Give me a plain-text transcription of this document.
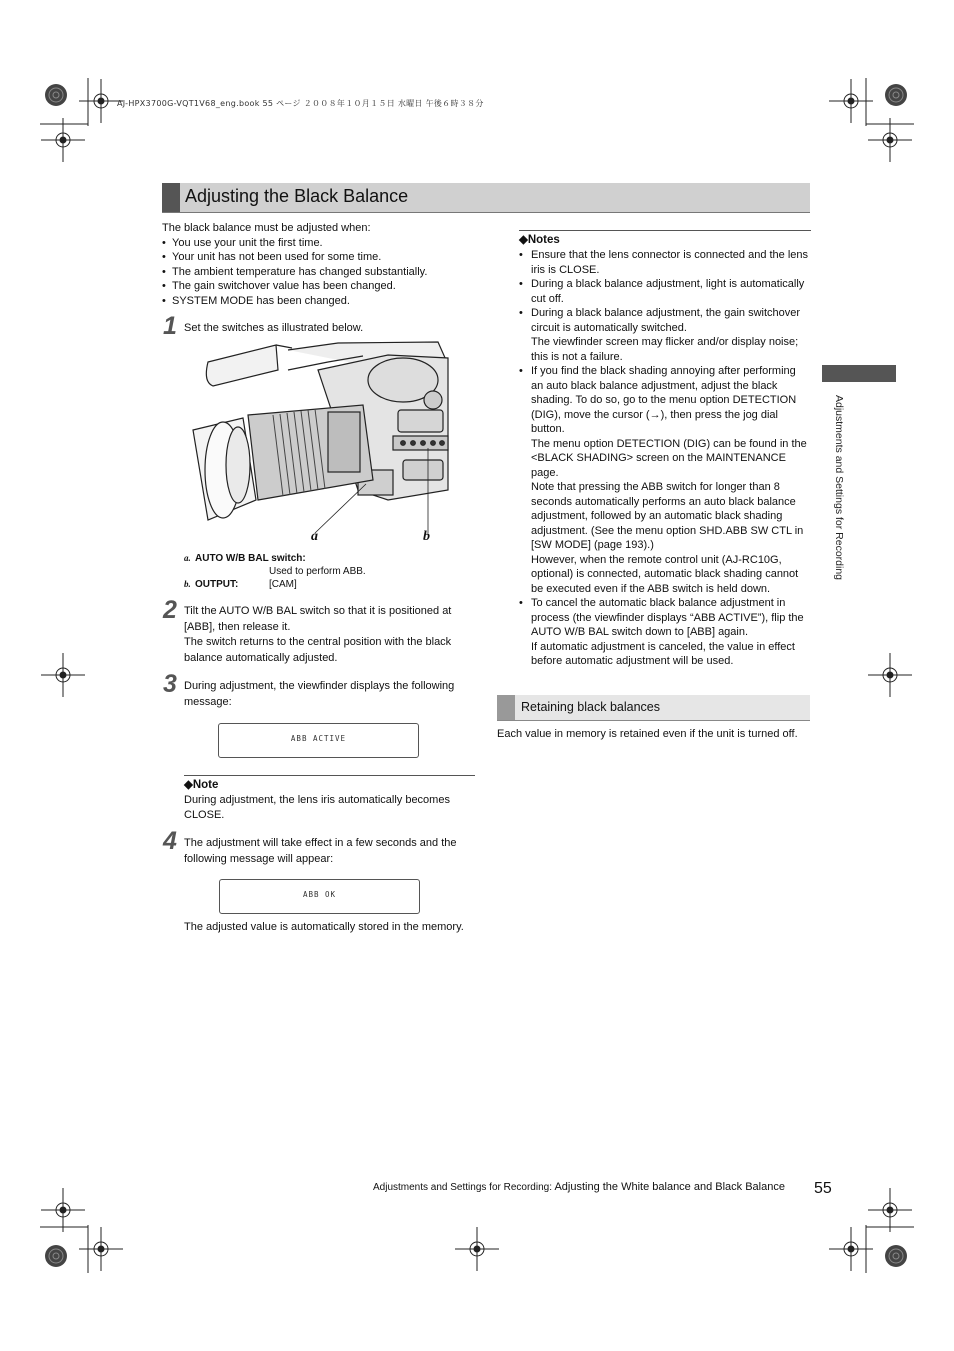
AJ-HPX3700G-VQT1V68_eng.book 55 ページ ２００８年１０月１５日 水曜日 午後６時３８分
Adjusting the Black Balance
The black balance must be adjusted when:
• You use your unit the first time.
• Your unit has not been used for some time.
• The ambient temperature has changed substantially.
• The gain switchover value has been changed.
• SYSTEM MODE has been changed.
1 Set the switches as illustrated below.
a	b
a. AUTO W/B BAL switch:
Used to perform ABB.
b. OUTPUT:	[CAM]
2 Tilt the AUTO W/B BAL switch so that it is positioned at [ABB], then release it.
The switch returns to the central position with the black balance automatically adjusted.
3 During adjustment, the viewfinder displays the following message:
ABB ACTIVE
◆Note
During adjustment, the lens iris automatically becomes CLOSE.
4 The adjustment will take effect in a few seconds and the following message will appear:
ABB OK
The adjusted value is automatically stored in the memory.
◆Notes
• Ensure that the lens connector is connected and the lens iris is CLOSE.
• During a black balance adjustment, light is automatically cut off.
• During a black balance adjustment, the gain switchover circuit is automatically switched.
The viewfinder screen may flicker and/or display noise; this is not a failure.
• If you find the black shading annoying after performing an auto black balance adjustment, adjust the black shading. To do so, go to the menu option DETECTION (DIG), move the cursor (→), then press the jog dial button.
The menu option DETECTION (DIG) can be found in the <BLACK SHADING> screen on the MAINTENANCE page.
Note that pressing the ABB switch for longer than 8 seconds automatically performs an auto black balance adjustment, followed by an automatic black shading adjustment. (See the menu option SHD.ABB SW CTL in [SW MODE] (page 193).)
However, when the remote control unit (AJ-RC10G, optional) is connected, automatic black shading cannot be executed even if the ABB switch is held down.
• To cancel the automatic black balance adjustment in process (the viewfinder displays “ABB ACTIVE”), flip the AUTO W/B BAL switch down to [ABB] again.
If automatic adjustment is canceled, the value in effect before automatic adjustment will be used.
Retaining black balances
Each value in memory is retained even if the unit is turned off.
Adjustments and Settings for Recording
Adjustments and Settings for Recording: Adjusting the White balance and Black Balance 55
